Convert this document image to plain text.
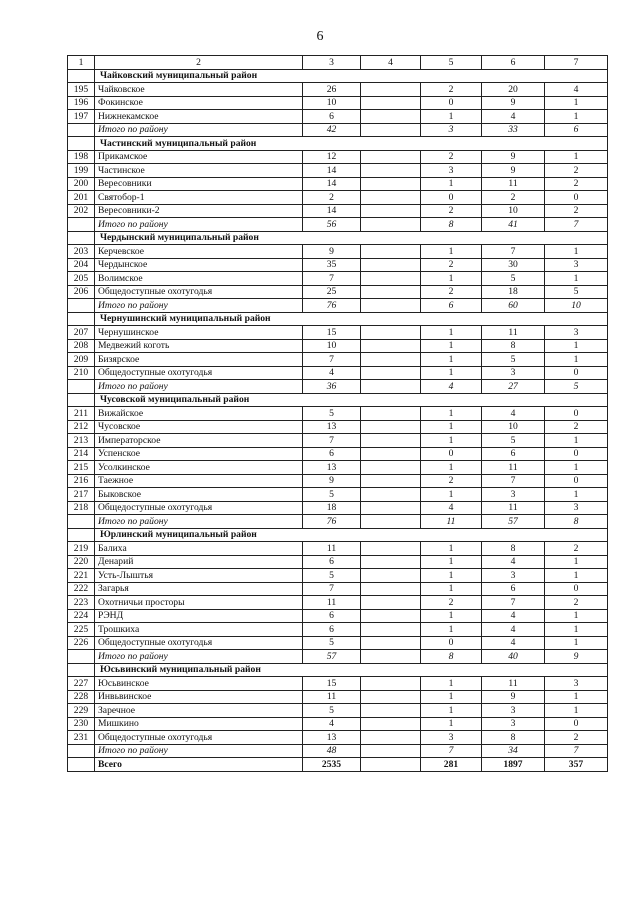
6
1	2	3	4	5	6	7
	Чайковский муниципальный район					
195	Чайковское	26		2	20	4
196	Фокинское	10		0	9	1
197	Нижнекамское	6		1	4	1
	Итого по району	42		3	33	6
	Частинский муниципальный район					
198	Прикамское	12		2	9	1
199	Частинское	14		3	9	2
200	Вересовники	14		1	11	2
201	Святобор-1	2		0	2	0
202	Вересовники-2	14		2	10	2
	Итого по району	56		8	41	7
	Чердынский муниципальный район					
203	Керчевское	9		1	7	1
204	Чердынское	35		2	30	3
205	Волимское	7		1	5	1
206	Общедоступные охотугодья	25		2	18	5
	Итого по району	76		6	60	10
	Чернушинский муниципальный район					
207	Чернушинское	15		1	11	3
208	Медвежий коготь	10		1	8	1
209	Бизярское	7		1	5	1
210	Общедоступные охотугодья	4		1	3	0
	Итого по району	36		4	27	5
	Чусовской муниципальный район					
211	Вижайское	5		1	4	0
212	Чусовское	13		1	10	2
213	Императорское	7		1	5	1
214	Успенское	6		0	6	0
215	Усолкинское	13		1	11	1
216	Таежное	9		2	7	0
217	Быковское	5		1	3	1
218	Общедоступные охотугодья	18		4	11	3
	Итого по району	76		11	57	8
	Юрлинский муниципальный район					
219	Балиха	11		1	8	2
220	Денарий	6		1	4	1
221	Усть-Лыштья	5		1	3	1
222	Загарья	7		1	6	0
223	Охотничьи просторы	11		2	7	2
224	РЭНД	6		1	4	1
225	Трошкиха	6		1	4	1
226	Общедоступные охотугодья	5		0	4	1
	Итого по району	57		8	40	9
	Юсьвинский муниципальный район					
227	Юсьвинское	15		1	11	3
228	Инвьвинское	11		1	9	1
229	Заречное	5		1	3	1
230	Мишкино	4		1	3	0
231	Общедоступные охотугодья	13		3	8	2
	Итого по району	48		7	34	7
	Всего	2535		281	1897	357
